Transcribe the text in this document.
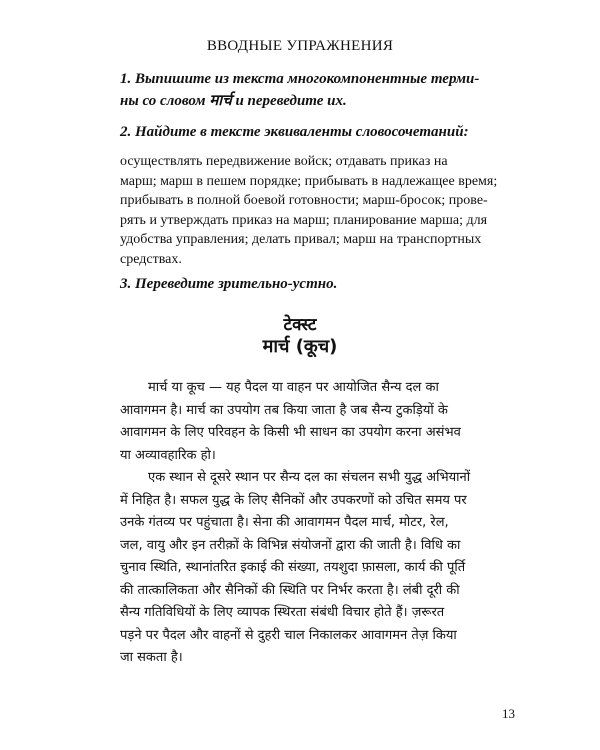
ВВОДНЫЕ УПРАЖНЕНИЯ
1. Выпишите из текста многокомпонентные терми-
ны со словом मार्च и переведите их.
2. Найдите в тексте эквиваленты словосочетаний:
осуществлять передвижение войск; отдавать приказ на
марш; марш в пешем порядке; прибывать в надлежащее время;
прибывать в полной боевой готовности; марш-бросок; прове-
рять и утверждать приказ на марш; планирование марша; для
удобства управления; делать привал; марш на транспортных
средствах.
3. Переведите зрительно-устно.
टेक्स्ट
मार्च (कूच)
मार्च या कूच — यह पैदल या वाहन पर आयोजित सैन्य दल का
आवागमन है। मार्च का उपयोग तब किया जाता है जब सैन्य टुकड़ियों के
आवागमन के लिए परिवहन के किसी भी साधन का उपयोग करना असंभव
या अव्यावहारिक हो।
एक स्थान से दूसरे स्थान पर सैन्य दल का संचलन सभी युद्ध अभियानों
में निहित है। सफल युद्ध के लिए सैनिकों और उपकरणों को उचित समय पर
उनके गंतव्य पर पहुंचाता है। सेना की आवागमन पैदल मार्च, मोटर, रेल,
जल, वायु और इन तरीक़ों के विभिन्न संयोजनों द्वारा की जाती है। विधि का
चुनाव स्थिति, स्थानांतरित इकाई की संख्या, तयशुदा फ़ासला, कार्य की पूर्ति
की तात्कालिकता और सैनिकों की स्थिति पर निर्भर करता है। लंबी दूरी की
सैन्य गतिविधियों के लिए व्यापक स्थिरता संबंधी विचार होते हैं। ज़रूरत
पड़ने पर पैदल और वाहनों से दुहरी चाल निकालकर आवागमन तेज़ किया
जा सकता है।
13
